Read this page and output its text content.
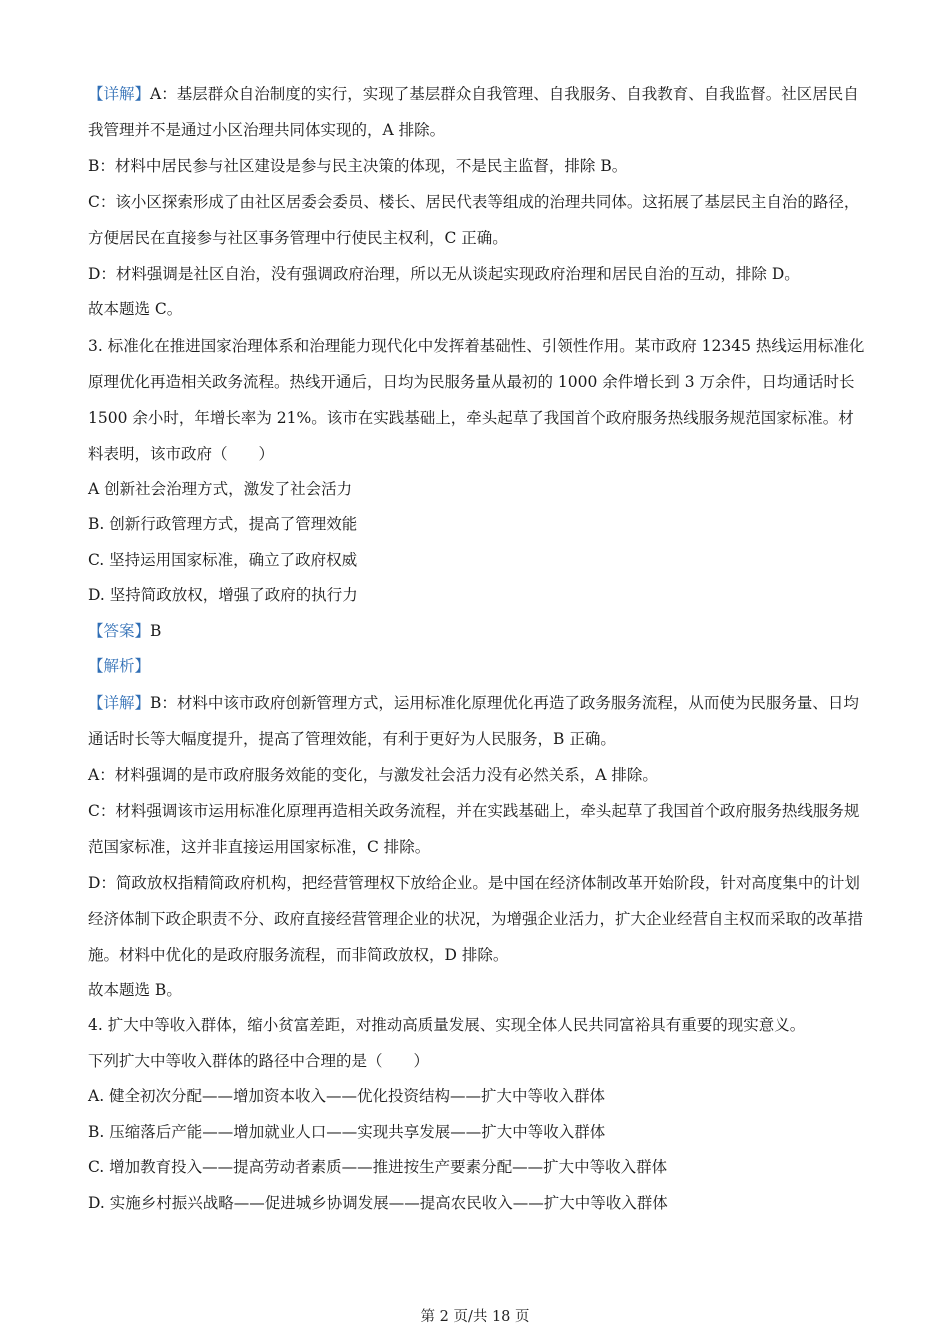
【详解】A：基层群众自治制度的实行，实现了基层群众自我管理、自我服务、自我教育、自我监督。社区居民自我管理并不是通过小区治理共同体实现的，A 排除。

B：材料中居民参与社区建设是参与民主决策的体现，不是民主监督，排除 B。

C：该小区探索形成了由社区居委会委员、楼长、居民代表等组成的治理共同体。这拓展了基层民主自治的路径，方便居民在直接参与社区事务管理中行使民主权利，C 正确。

D：材料强调是社区自治，没有强调政府治理，所以无从谈起实现政府治理和居民自治的互动，排除 D。

故本题选 C。

3. 标准化在推进国家治理体系和治理能力现代化中发挥着基础性、引领性作用。某市政府 12345 热线运用标准化原理优化再造相关政务流程。热线开通后，日均为民服务量从最初的 1000 余件增长到 3 万余件，日均通话时长 1500 余小时，年增长率为 21%。该市在实践基础上，牵头起草了我国首个政府服务热线服务规范国家标准。材料表明，该市政府（　　）

A 创新社会治理方式，激发了社会活力

B. 创新行政管理方式，提高了管理效能

C. 坚持运用国家标准，确立了政府权威

D. 坚持简政放权，增强了政府的执行力

【答案】B

【解析】

【详解】B：材料中该市政府创新管理方式，运用标准化原理优化再造了政务服务流程，从而使为民服务量、日均通话时长等大幅度提升，提高了管理效能，有利于更好为人民服务，B 正确。

A：材料强调的是市政府服务效能的变化，与激发社会活力没有必然关系，A 排除。

C：材料强调该市运用标准化原理再造相关政务流程，并在实践基础上，牵头起草了我国首个政府服务热线服务规范国家标准，这并非直接运用国家标准，C 排除。

D：简政放权指精简政府机构，把经营管理权下放给企业。是中国在经济体制改革开始阶段，针对高度集中的计划经济体制下政企职责不分、政府直接经营管理企业的状况，为增强企业活力，扩大企业经营自主权而采取的改革措施。材料中优化的是政府服务流程，而非简政放权，D 排除。

故本题选 B。

4. 扩大中等收入群体，缩小贫富差距，对推动高质量发展、实现全体人民共同富裕具有重要的现实意义。

下列扩大中等收入群体的路径中合理的是（　　）

A. 健全初次分配——增加资本收入——优化投资结构——扩大中等收入群体

B. 压缩落后产能——增加就业人口——实现共享发展——扩大中等收入群体

C. 增加教育投入——提高劳动者素质——推进按生产要素分配——扩大中等收入群体

D. 实施乡村振兴战略——促进城乡协调发展——提高农民收入——扩大中等收入群体

第 2 页/共 18 页
